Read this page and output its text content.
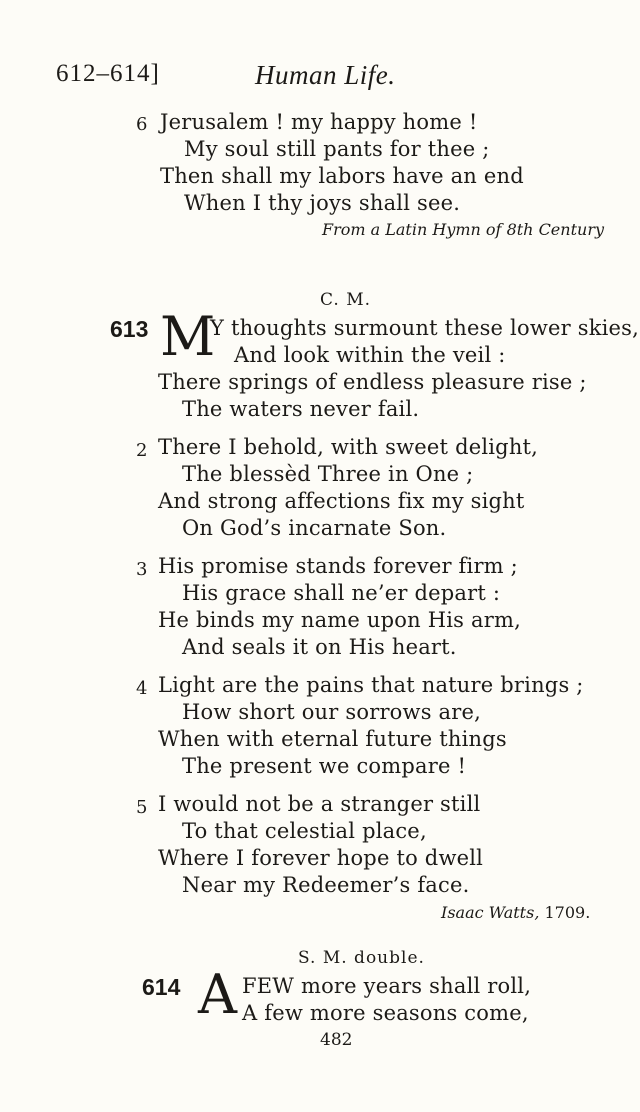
612–614]	Human Life.
6 Jerusalem ! my happy home !
My soul still pants for thee ;
Then shall my labors have an end
When I thy joys shall see.
From a Latin Hymn of 8th Century
C. M.
613 M
Y thoughts surmount these lower skies,
And look within the veil :
There springs of endless pleasure rise ;
The waters never fail.
2 There I behold, with sweet delight,
The blessèd Three in One ;
And strong affections fix my sight
On God’s incarnate Son.
3 His promise stands forever firm ;
His grace shall ne’er depart :
He binds my name upon His arm,
And seals it on His heart.
4 Light are the pains that nature brings ;
How short our sorrows are,
When with eternal future things
The present we compare !
5 I would not be a stranger still
To that celestial place,
Where I forever hope to dwell
Near my Redeemer’s face.
Isaac Watts, 1709.
S. M. double.
614 A FEW more years shall roll,
A few more seasons come,
482
